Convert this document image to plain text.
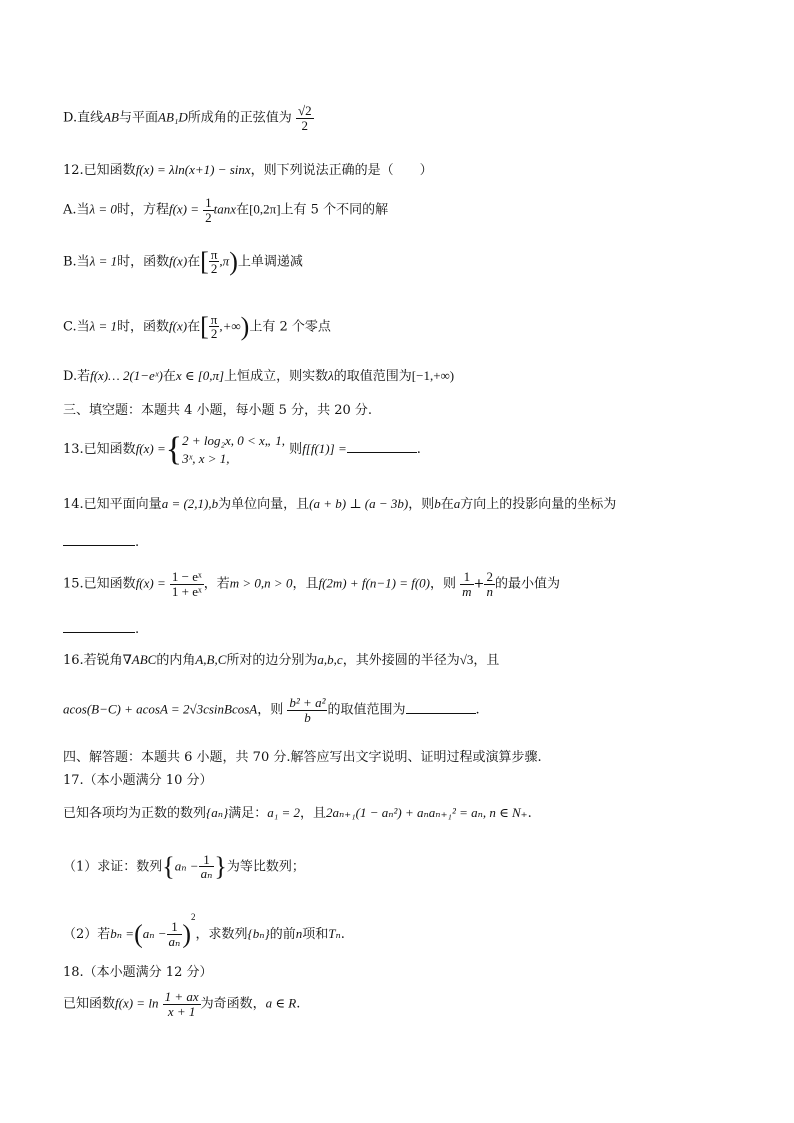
D.直线AB与平面AB₁D所成角的正弦值为 $\frac{√2}{2}$
12.已知函数f(x) = λln(x+1) − sinx，则下列说法正确的是（　　）
A.当λ = 0时，方程$f(x) = \frac{1}{2}$ tanx在[0,2π]上有 5 个不同的解
B.当λ = 1时，函数f(x)在[ $\frac{\pi}{2} ,\pi$)上单调递减
C.当λ = 1时，函数f(x)在[ $\frac{\pi}{2}$ ,+∞)上有 2 个零点
D.若f(x)… 2(1−eˣ)在x ∈ [0,π]上恒成立，则实数λ的取值范围为[−1,+∞)
三、填空题：本题共 4 小题，每小题 5 分，共 20 分.
13.已知函数f(x) ={ 2 + log₂x, 0 < x„ 1,
3ˣ, x > 1,
则f[f(1)] =	.
14.已知平面向量a = (2,1),b为单位向量，且(a + b) ⊥ (a − 3b)，则b在a方向上的投影向量的坐标为
.
15.已知函数$f(x) = \frac{\text{1 − eˣ}}{\text{1 + eˣ}}$ ，若m > 0,n > 0，且f(2m) + f(n−1) = f(0)，则 $\frac{1}{m} + \frac{2}{n}$ 的最小值为
.
16.若锐角∇ABC的内角A,B,C所对的边分别为a,b,c，其外接圆的半径为√3，且
acos(B−C) + acosA = 2√3csinBcosA，则 $\frac{\text{b² + a²}}{b}$ 的取值范围为	.
四、解答题：本题共 6 小题，共 70 分.解答应写出文字说明、证明过程或演算步骤.
17.（本小题满分 10 分）
已知各项均为正数的数列{aₙ}满足：a₁ = 2，且2aₙ₊₁(1 − aₙ²) + aₙaₙ₊₁² = aₙ, n ∈ N₊.
（1）求证：数列{$a_n - \frac{1}{\text{aₙ}}$ }为等比数列；
（2）若$b_n =(a_n - \frac{1}{\text{aₙ}} )^2$，求数列{bₙ}的前n项和Tₙ.
18.（本小题满分 12 分）
已知函数$f(x) = \ln \frac{1 + ax}{x + 1}$ 为奇函数，a ∈ R.
